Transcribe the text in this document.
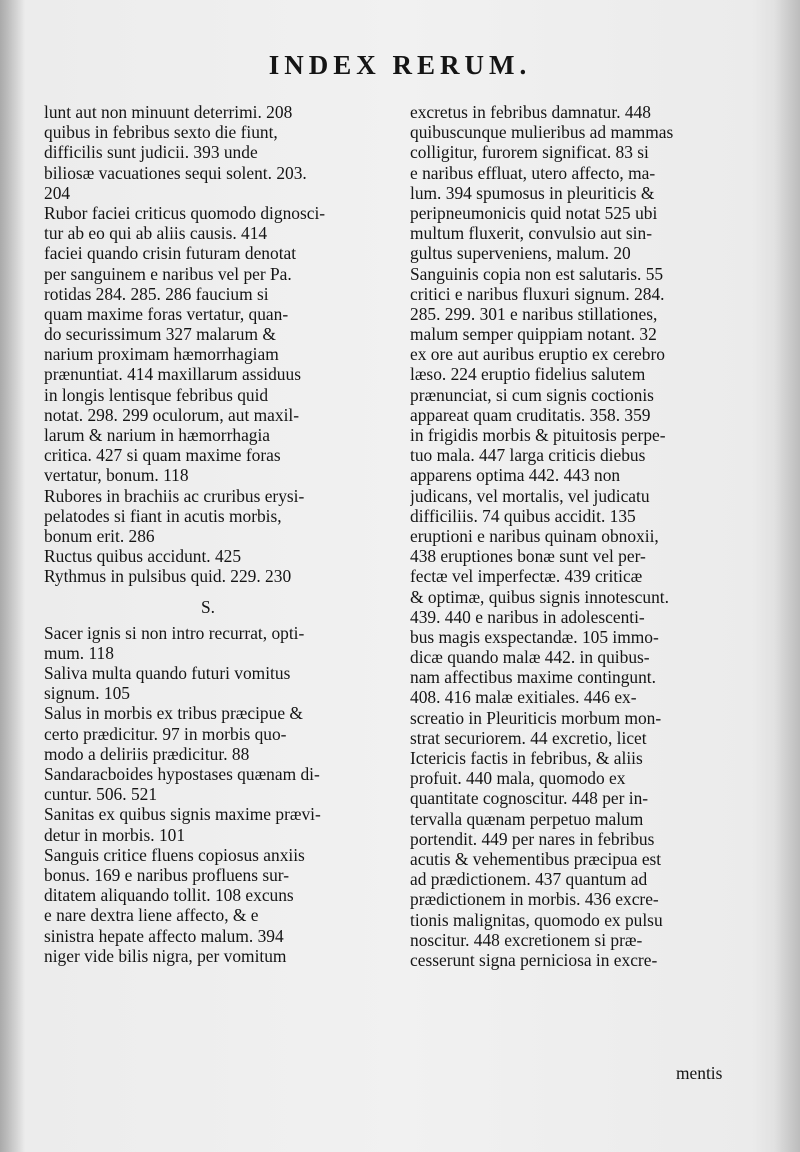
INDEX RERUM.
lunt aut non minuunt deterrimi. 208
quibus in febribus sexto die fiunt,
difficilis sunt judicii. 393 unde
biliosæ vacuationes sequi solent. 203.
204
Rubor faciei criticus quomodo dignosci-
tur ab eo qui ab aliis causis. 414
faciei quando crisin futuram denotat
per sanguinem e naribus vel per Pa.
rotidas 284. 285. 286 faucium si
quam maxime foras vertatur, quan-
do securissimum 327 malarum &
narium proximam hæmorrhagiam
prænuntiat. 414 maxillarum assiduus
in longis lentisque febribus quid
notat. 298. 299 oculorum, aut maxil-
larum & narium in hæmorrhagia
critica. 427 si quam maxime foras
vertatur, bonum. 118
Rubores in brachiis ac cruribus erysi-
pelatodes si fiant in acutis morbis,
bonum erit. 286
Ructus quibus accidunt. 425
Rythmus in pulsibus quid. 229. 230
S.
Sacer ignis si non intro recurrat, opti-
mum. 118
Saliva multa quando futuri vomitus
signum. 105
Salus in morbis ex tribus præcipue &
certo prædicitur. 97 in morbis quo-
modo a deliriis prædicitur. 88
Sandaracboides hypostases quænam di-
cuntur. 506. 521
Sanitas ex quibus signis maxime prævi-
detur in morbis. 101
Sanguis critice fluens copiosus anxiis
bonus. 169 e naribus profluens sur-
ditatem aliquando tollit. 108 excuns
e nare dextra liene affecto, & e
sinistra hepate affecto malum. 394
niger vide bilis nigra, per vomitum
excretus in febribus damnatur. 448
quibuscunque mulieribus ad mammas
colligitur, furorem significat. 83 si
e naribus effluat, utero affecto, ma-
lum. 394 spumosus in pleuriticis &
peripneumonicis quid notat 525 ubi
multum fluxerit, convulsio aut sin-
gultus superveniens, malum. 20
Sanguinis copia non est salutaris. 55
critici e naribus fluxuri signum. 284.
285. 299. 301 e naribus stillationes,
malum semper quippiam notant. 32
ex ore aut auribus eruptio ex cerebro
læso. 224 eruptio fidelius salutem
prænunciat, si cum signis coctionis
appareat quam cruditatis. 358. 359
in frigidis morbis & pituitosis perpe-
tuo mala. 447 larga criticis diebus
apparens optima 442. 443 non
judicans, vel mortalis, vel judicatu
difficiliis. 74 quibus accidit. 135
eruptioni e naribus quinam obnoxii,
438 eruptiones bonæ sunt vel per-
fectæ vel imperfectæ. 439 criticæ
& optimæ, quibus signis innotescunt.
439. 440 e naribus in adolescenti-
bus magis exspectandæ. 105 immo-
dicæ quando malæ 442. in quibus-
nam affectibus maxime contingunt.
408. 416 malæ exitiales. 446 ex-
screatio in Pleuriticis morbum mon-
strat securiorem. 44 excretio, licet
Ictericis factis in febribus, & aliis
profuit. 440 mala, quomodo ex
quantitate cognoscitur. 448 per in-
tervalla quænam perpetuo malum
portendit. 449 per nares in febribus
acutis & vehementibus præcipua est
ad prædictionem. 437 quantum ad
prædictionem in morbis. 436 excre-
tionis malignitas, quomodo ex pulsu
noscitur. 448 excretionem si præ-
cesserunt signa perniciosa in excre-
mentis
